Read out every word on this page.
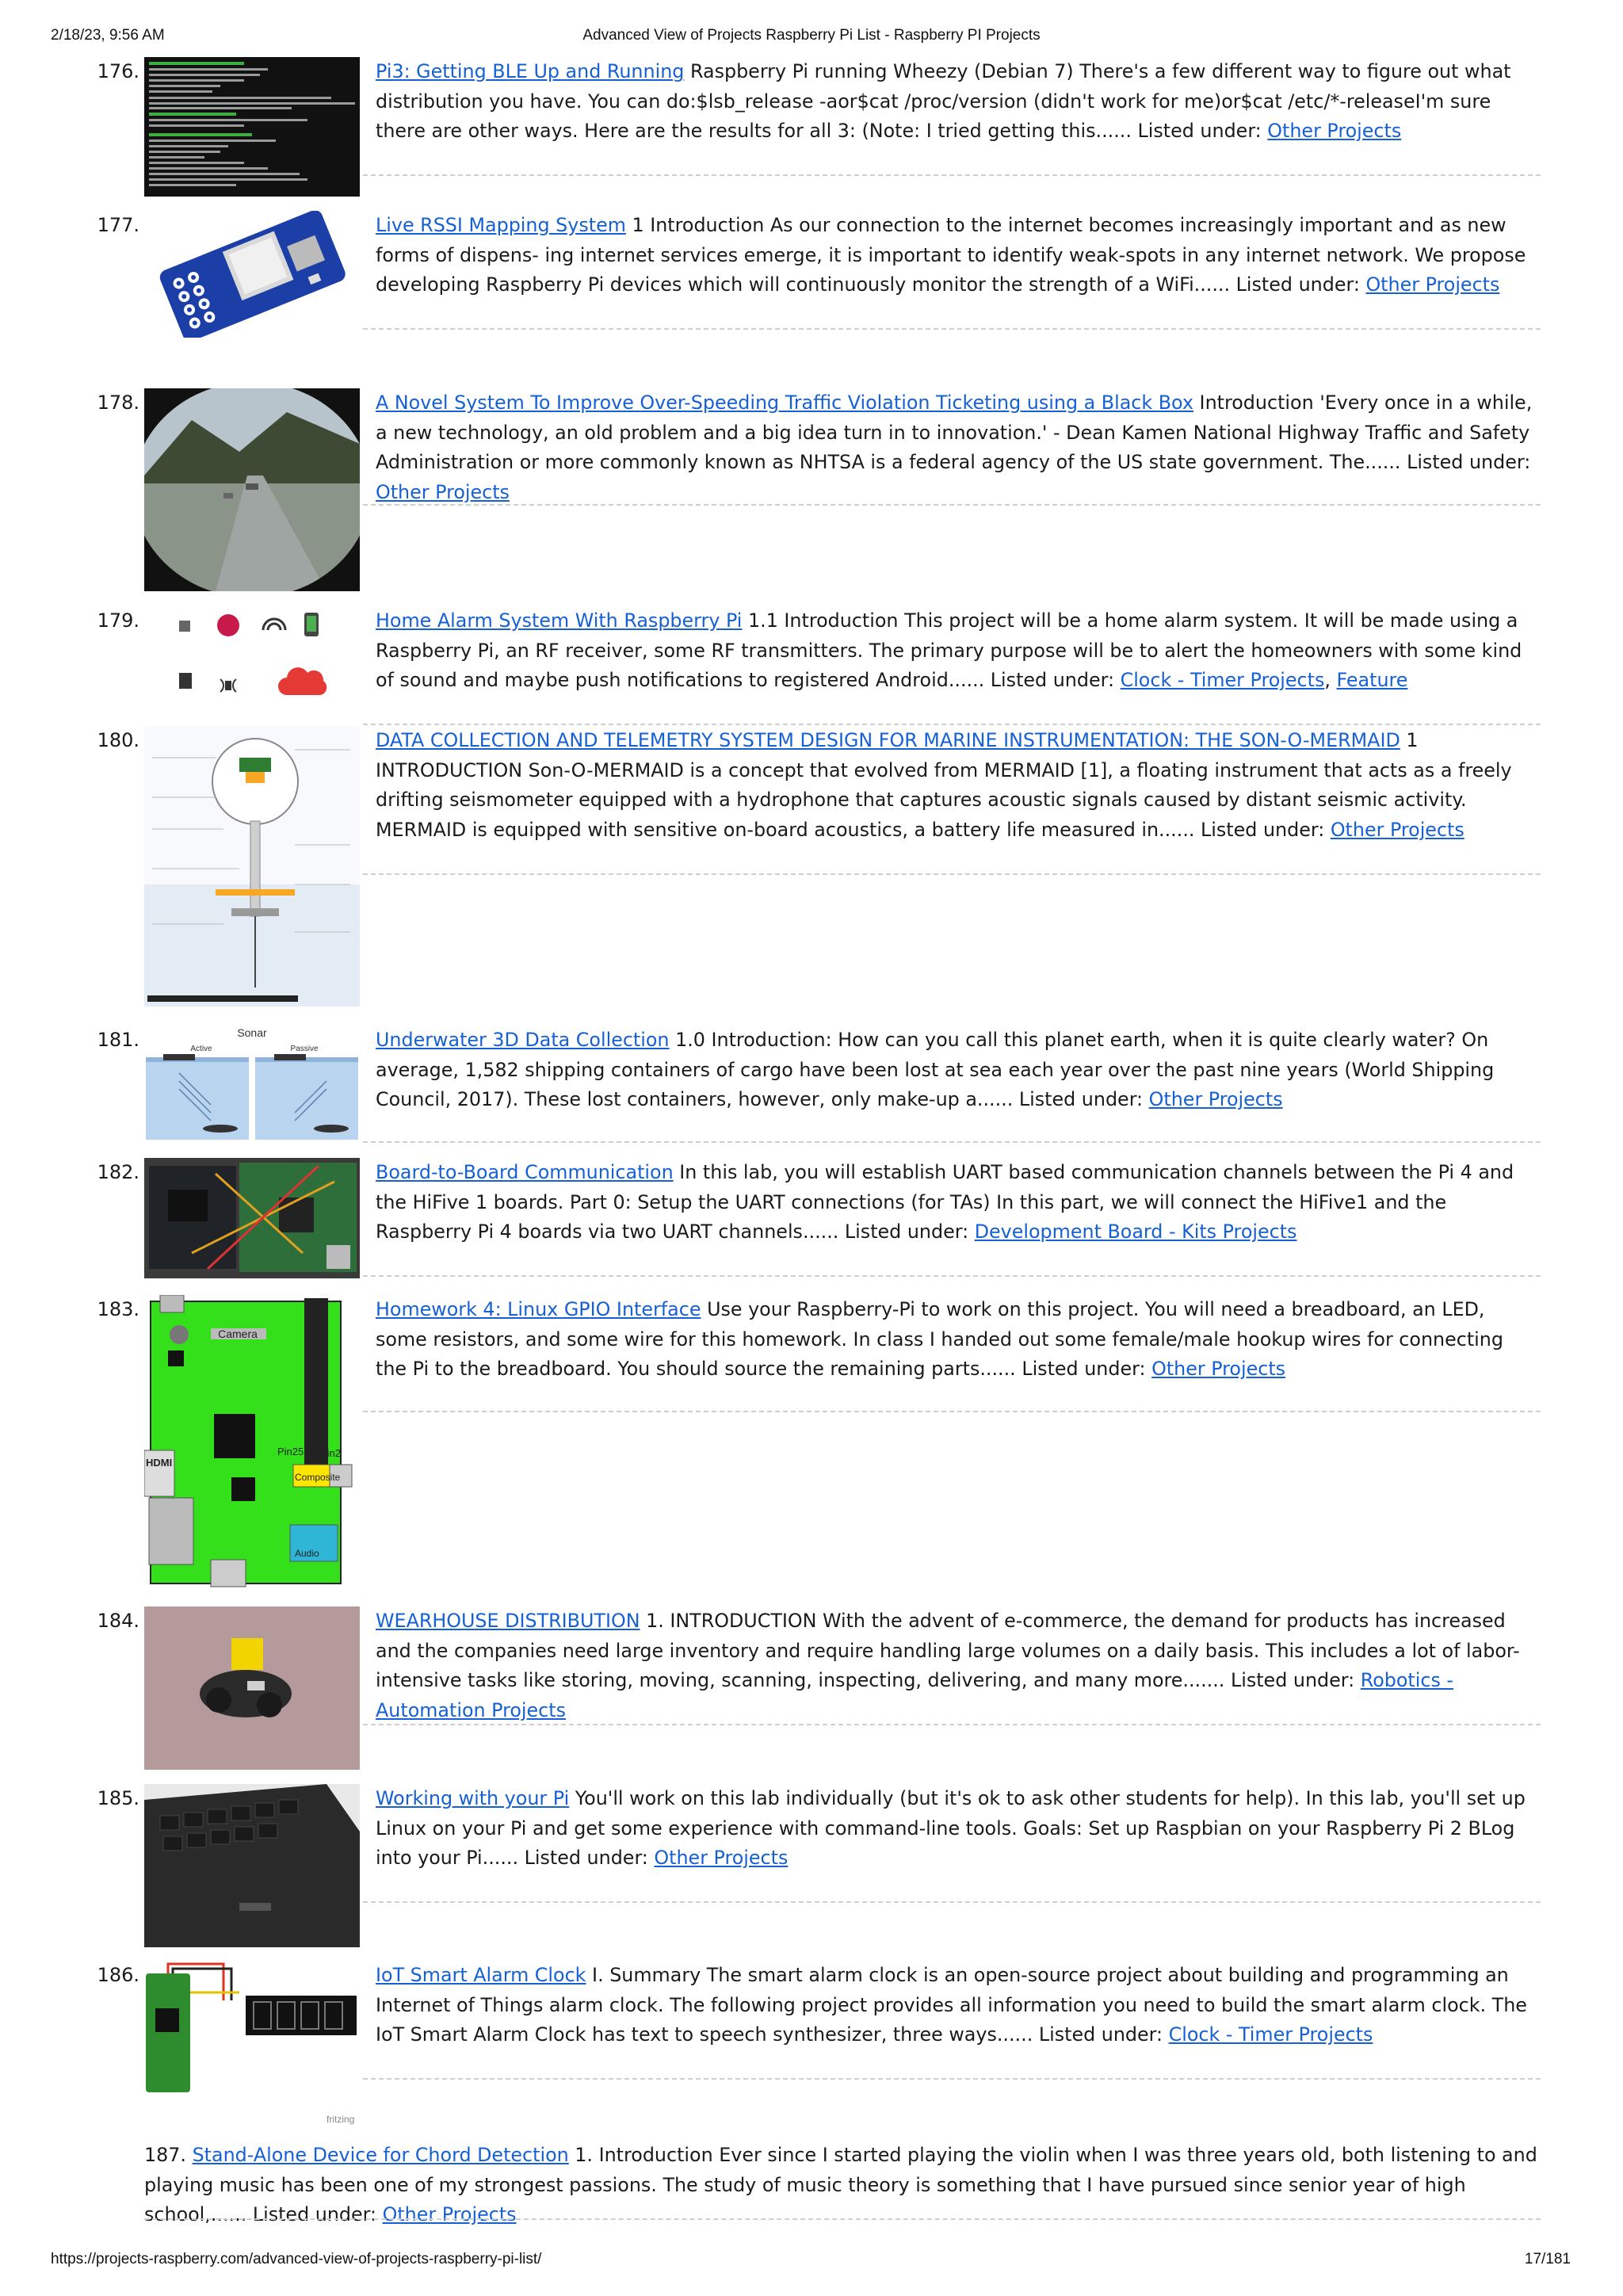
2/18/23, 9:56 AM	Advanced View of Projects Raspberry Pi List - Raspberry PI Projects
176.	Pi3: Getting BLE Up and Running Raspberry Pi running Wheezy (Debian 7) There's a few different way to figure out what distribution you have. You can do:$lsb_release -aor$cat /proc/version (didn't work for me)or$cat /etc/*-releaseI'm sure there are other ways. Here are the results for all 3: (Note: I tried getting this...... Listed under: Other Projects
177.	Live RSSI Mapping System 1 Introduction As our connection to the internet becomes increasingly important and as new forms of dispens- ing internet services emerge, it is important to identify weak-spots in any internet network. We propose developing Raspberry Pi devices which will continuously monitor the strength of a WiFi...... Listed under: Other Projects
178.	A Novel System To Improve Over-Speeding Traffic Violation Ticketing using a Black Box Introduction 'Every once in a while, a new technology, an old problem and a big idea turn in to innovation.' - Dean Kamen National Highway Traffic and Safety Administration or more commonly known as NHTSA is a federal agency of the US state government. The...... Listed under: Other Projects
179.	Home Alarm System With Raspberry Pi 1.1 Introduction This project will be a home alarm system. It will be made using a Raspberry Pi, an RF receiver, some RF transmitters. The primary purpose will be to alert the homeowners with some kind of sound and maybe push notifications to registered Android...... Listed under: Clock - Timer Projects, Feature
180.	DATA COLLECTION AND TELEMETRY SYSTEM DESIGN FOR MARINE INSTRUMENTATION: THE SON-O-MERMAID 1 INTRODUCTION Son-O-MERMAID is a concept that evolved from MERMAID [1], a floating instrument that acts as a freely drifting seismometer equipped with a hydrophone that captures acoustic signals caused by distant seismic activity. MERMAID is equipped with sensitive on-board acoustics, a battery life measured in...... Listed under: Other Projects
181.	Sonar
Active	Passive	Underwater 3D Data Collection 1.0 Introduction: How can you call this planet earth, when it is quite clearly water? On average, 1,582 shipping containers of cargo have been lost at sea each year over the past nine years (World Shipping Council, 2017). These lost containers, however, only make-up a...... Listed under: Other Projects
182.	Board-to-Board Communication In this lab, you will establish UART based communication channels between the Pi 4 and the HiFive 1 boards. Part 0: Setup the UART connections (for TAs) In this part, we will connect the HiFive1 and the Raspberry Pi 4 boards via two UART channels...... Listed under: Development Board - Kits Projects
183.
Camera
HDMI
Pin25 Pin2
Composite
Audio
Homework 4: Linux GPIO Interface Use your Raspberry-Pi to work on this project. You will need a breadboard, an LED, some resistors, and some wire for this homework. In class I handed out some female/male hookup wires for connecting the Pi to the breadboard. You should source the remaining parts...... Listed under: Other Projects
184.	WEARHOUSE DISTRIBUTION 1. INTRODUCTION With the advent of e-commerce, the demand for products has increased and the companies need large inventory and require handling large volumes on a daily basis. This includes a lot of labor- intensive tasks like storing, moving, scanning, inspecting, delivering, and many more....... Listed under: Robotics - Automation Projects
185.	Working with your Pi You'll work on this lab individually (but it's ok to ask other students for help). In this lab, you'll set up Linux on your Pi and get some experience with command-line tools. Goals: Set up Raspbian on your Raspberry Pi 2 BLog into your Pi...... Listed under: Other Projects
186.
fritzing
IoT Smart Alarm Clock I. Summary The smart alarm clock is an open-source project about building and programming an Internet of Things alarm clock. The following project provides all information you need to build the smart alarm clock. The IoT Smart Alarm Clock has text to speech synthesizer, three ways...... Listed under: Clock - Timer Projects
187. Stand-Alone Device for Chord Detection 1. Introduction Ever since I started playing the violin when I was three years old, both listening to and playing music has been one of my strongest passions. The study of music theory is something that I have pursued since senior year of high school,...... Listed under: Other Projects
https://projects-raspberry.com/advanced-view-of-projects-raspberry-pi-list/	17/181
